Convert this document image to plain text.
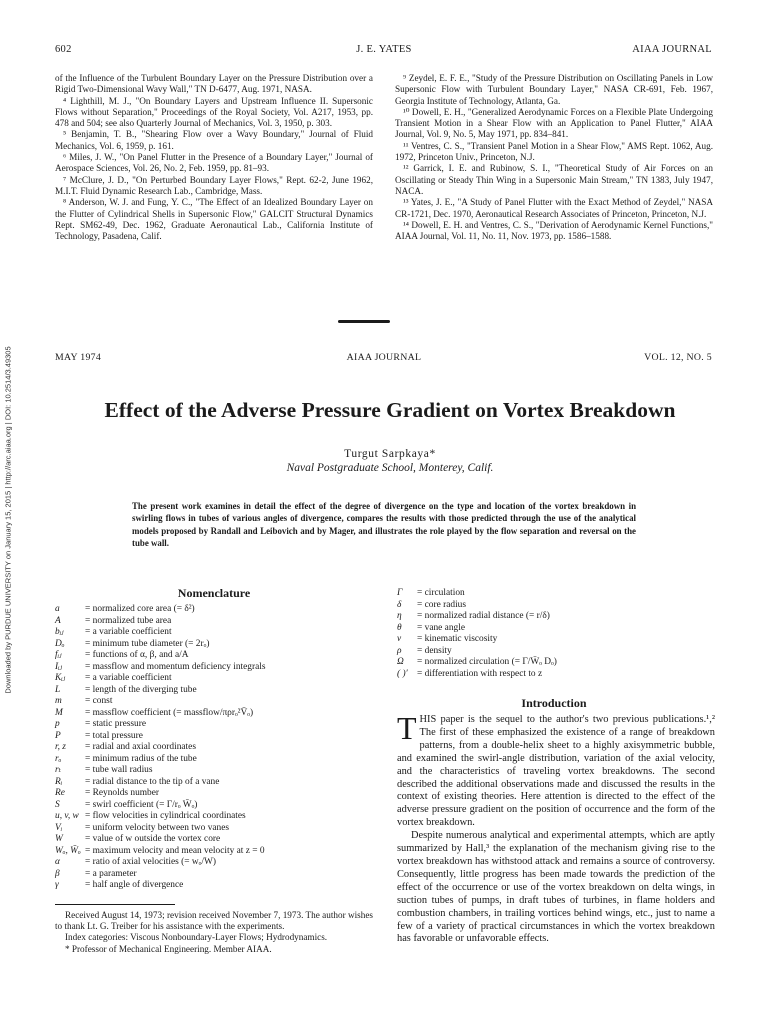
602	J. E. YATES	AIAA JOURNAL

of the Influence of the Turbulent Boundary Layer on the Pressure Distribution over a Rigid Two-Dimensional Wavy Wall," TN D-6477, Aug. 1971, NASA.

⁴ Lighthill, M. J., "On Boundary Layers and Upstream Influence II. Supersonic Flows without Separation," Proceedings of the Royal Society, Vol. A217, 1953, pp. 478 and 504; see also Quarterly Journal of Mechanics, Vol. 3, 1950, p. 303.

⁵ Benjamin, T. B., "Shearing Flow over a Wavy Boundary," Journal of Fluid Mechanics, Vol. 6, 1959, p. 161.

⁶ Miles, J. W., "On Panel Flutter in the Presence of a Boundary Layer," Journal of Aerospace Sciences, Vol. 26, No. 2, Feb. 1959, pp. 81–93.

⁷ McClure, J. D., "On Perturbed Boundary Layer Flows," Rept. 62-2, June 1962, M.I.T. Fluid Dynamic Research Lab., Cambridge, Mass.

⁸ Anderson, W. J. and Fung, Y. C., "The Effect of an Idealized Boundary Layer on the Flutter of Cylindrical Shells in Supersonic Flow," GALCIT Structural Dynamics Rept. SM62-49, Dec. 1962, Graduate Aeronautical Lab., California Institute of Technology, Pasadena, Calif.

⁹ Zeydel, E. F. E., "Study of the Pressure Distribution on Oscillating Panels in Low Supersonic Flow with Turbulent Boundary Layer," NASA CR-691, Feb. 1967, Georgia Institute of Technology, Atlanta, Ga.

¹⁰ Dowell, E. H., "Generalized Aerodynamic Forces on a Flexible Plate Undergoing Transient Motion in a Shear Flow with an Application to Panel Flutter," AIAA Journal, Vol. 9, No. 5, May 1971, pp. 834–841.

¹¹ Ventres, C. S., "Transient Panel Motion in a Shear Flow," AMS Rept. 1062, Aug. 1972, Princeton Univ., Princeton, N.J.

¹² Garrick, I. E. and Rubinow, S. I., "Theoretical Study of Air Forces on an Oscillating or Steady Thin Wing in a Supersonic Main Stream," TN 1383, July 1947, NACA.

¹³ Yates, J. E., "A Study of Panel Flutter with the Exact Method of Zeydel," NASA CR-1721, Dec. 1970, Aeronautical Research Associates of Princeton, Princeton, N.J.

¹⁴ Dowell, E. H. and Ventres, C. S., "Derivation of Aerodynamic Kernel Functions," AIAA Journal, Vol. 11, No. 11, Nov. 1973, pp. 1586–1588.

MAY 1974	AIAA JOURNAL	VOL. 12, NO. 5
Effect of the Adverse Pressure Gradient on Vortex Breakdown
Turgut Sarpkaya*
Naval Postgraduate School, Monterey, Calif.
The present work examines in detail the effect of the degree of divergence on the type and location of the vortex breakdown in swirling flows in tubes of various angles of divergence, compares the results with those predicted through the use of the analytical models proposed by Randall and Leibovich and by Mager, and illustrates the role played by the flow separation and reversal on the tube wall.
Downloaded by PURDUE UNIVERSITY on January 15, 2015 | http://arc.aiaa.org | DOI: 10.2514/3.49305	Nomenclature
a	= normalized core area (= δ²)
A	= normalized tube area
bᵢⱼ	= a variable coefficient
Dₒ	= minimum tube diameter (= 2rₒ)
fᵢⱼ	= functions of α, β, and a/A
Iᵢⱼ	= massflow and momentum deficiency integrals
Kᵢⱼ	= a variable coefficient
L	= length of the diverging tube
m	= const
M	= massflow coefficient (= massflow/πρrₒ²V̄ₒ)
p	= static pressure
P	= total pressure
r, z	= radial and axial coordinates
rₒ	= minimum radius of the tube
rₜ	= tube wall radius
Rᵢ	= radial distance to the tip of a vane
Re	= Reynolds number
S	= swirl coefficient (= Γ/rₒ W̄ₒ)
u, v, w = flow velocities in cylindrical coordinates
Vᵢ	= uniform velocity between two vanes
W	= value of w outside the vortex core
Wₒ, W̄ₒ = maximum velocity and mean velocity at z = 0
α	= ratio of axial velocities (= wₒ/W)
β	= a parameter
γ	= half angle of divergence
Γ	= circulation
δ	= core radius
η	= normalized radial distance (= r/δ)
θ	= vane angle
ν	= kinematic viscosity
ρ	= density
Ω	= normalized circulation (= Γ/W̄ₒ Dₒ)
( )′ = differentiation with respect to z
Introduction

THIS paper is the sequel to the author's two previous publications.¹,² The first of these emphasized the existence of a range of breakdown patterns, from a double-helix sheet to a highly axisymmetric bubble, and examined the swirl-angle distribution, variation of the axial velocity, and the characteristics of traveling vortex breakdowns. The second described the additional observations made and discussed the results in the context of existing theories. Here attention is directed to the effect of the adverse pressure gradient on the position of occurrence and the form of the vortex breakdown.

Despite numerous analytical and experimental attempts, which are aptly summarized by Hall,³ the explanation of the mechanism giving rise to the vortex breakdown has withstood attack and remains a source of controversy. Consequently, little progress has been made towards the prediction of the effect of the occurrence or use of the vortex breakdown on delta wings, in suction tubes of pumps, in draft tubes of turbines, in flame holders and combustion chambers, in trailing vortices behind wings, etc., just to name a few of a variety of practical circumstances in which the vortex breakdown has favorable or unfavorable effects.

Received August 14, 1973; revision received November 7, 1973. The author wishes to thank Lt. G. Treiber for his assistance with the experiments.

Index categories: Viscous Nonboundary-Layer Flows; Hydrodynamics.

* Professor of Mechanical Engineering. Member AIAA.
